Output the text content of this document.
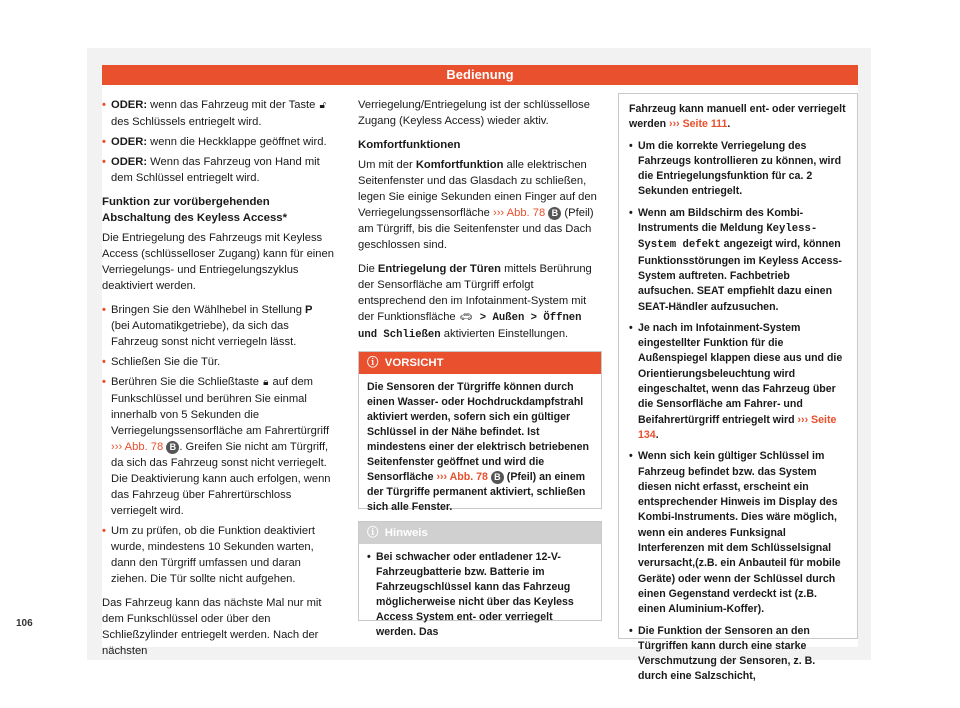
Bedienung
• ODER: wenn das Fahrzeug mit der Taste 🔓︎ des Schlüssels entriegelt wird.
• ODER: wenn die Heckklappe geöffnet wird.
• ODER: Wenn das Fahrzeug von Hand mit dem Schlüssel entriegelt wird.
Funktion zur vorübergehenden Abschaltung des Keyless Access*

Die Entriegelung des Fahrzeugs mit Keyless Access (schlüsselloser Zugang) kann für einen Verriegelungs- und Entriegelungszyklus deaktiviert werden.

• Bringen Sie den Wählhebel in Stellung P (bei Automatikgetriebe), da sich das Fahrzeug sonst nicht verriegeln lässt.
• Schließen Sie die Tür.
• Berühren Sie die Schließtaste 🔒︎ auf dem Funkschlüssel und berühren Sie einmal innerhalb von 5 Sekunden die Verriegelungssensorfläche am Fahrertürgriff ››› Abb. 78 B . Greifen Sie nicht am Türgriff, da sich das Fahrzeug sonst nicht verriegelt. Die Deaktivierung kann auch erfolgen, wenn das Fahrzeug über Fahrertürschloss verriegelt wird.
• Um zu prüfen, ob die Funktion deaktiviert wurde, mindestens 10 Sekunden warten, dann den Türgriff umfassen und daran ziehen. Die Tür sollte nicht aufgehen.

Das Fahrzeug kann das nächste Mal nur mit dem Funkschlüssel oder über den Schließzylinder entriegelt werden. Nach der nächsten

Verriegelung/Entriegelung ist der schlüssellose Zugang (Keyless Access) wieder aktiv.

Komfortfunktionen

Um mit der Komfortfunktion alle elektrischen Seitenfenster und das Glasdach zu schließen, legen Sie einige Sekunden einen Finger auf den Verriegelungssensorfläche ››› Abb. 78 B (Pfeil) am Türgriff, bis die Seitenfenster und das Dach geschlossen sind.

Die Entriegelung der Türen mittels Berührung der Sensorfläche am Türgriff erfolgt entsprechend den im Infotainment-System mit der Funktionsfläche 🚗︎ > Außen > Öffnen und Schließen aktivierten Einstellungen.

ⓘ VORSICHT
Die Sensoren der Türgriffe können durch einen Wasser- oder Hochdruckdampfstrahl aktiviert werden, sofern sich ein gültiger Schlüssel in der Nähe befindet. Ist mindestens einer der elektrisch betriebenen Seitenfenster geöffnet und wird die Sensorfläche ››› Abb. 78 B (Pfeil) an einem der Türgriffe permanent aktiviert, schließen sich alle Fenster.
ⓘ Hinweis
• Bei schwacher oder entladener 12-V-Fahrzeugbatterie bzw. Batterie im Fahrzeugschlüssel kann das Fahrzeug möglicherweise nicht über das Keyless Access System ent- oder verriegelt werden. Das

Fahrzeug kann manuell ent- oder verriegelt werden ››› Seite 111.

• Um die korrekte Verriegelung des Fahrzeugs kontrollieren zu können, wird die Entriegelungsfunktion für ca. 2 Sekunden entriegelt.
• Wenn am Bildschirm des Kombi-Instruments die Meldung Keyless-System defekt angezeigt wird, können Funktionsstörungen im Keyless Access-System auftreten. Fachbetrieb aufsuchen. SEAT empfiehlt dazu einen SEAT-Händler aufzusuchen.
• Je nach im Infotainment-System eingestellter Funktion für die Außenspiegel klappen diese aus und die Orientierungsbeleuchtung wird eingeschaltet, wenn das Fahrzeug über die Sensorfläche am Fahrer- und Beifahrertürgriff entriegelt wird ››› Seite 134.
• Wenn sich kein gültiger Schlüssel im Fahrzeug befindet bzw. das System diesen nicht erfasst, erscheint ein entsprechender Hinweis im Display des Kombi-Instruments. Dies wäre möglich, wenn ein anderes Funksignal Interferenzen mit dem Schlüsselsignal verursacht,(z.B. ein Anbauteil für mobile Geräte) oder wenn der Schlüssel durch einen Gegenstand verdeckt ist (z.B. einen Aluminium-Koffer).
• Die Funktion der Sensoren an den Türgriffen kann durch eine starke Verschmutzung der Sensoren, z. B. durch eine Salzschicht,
106
